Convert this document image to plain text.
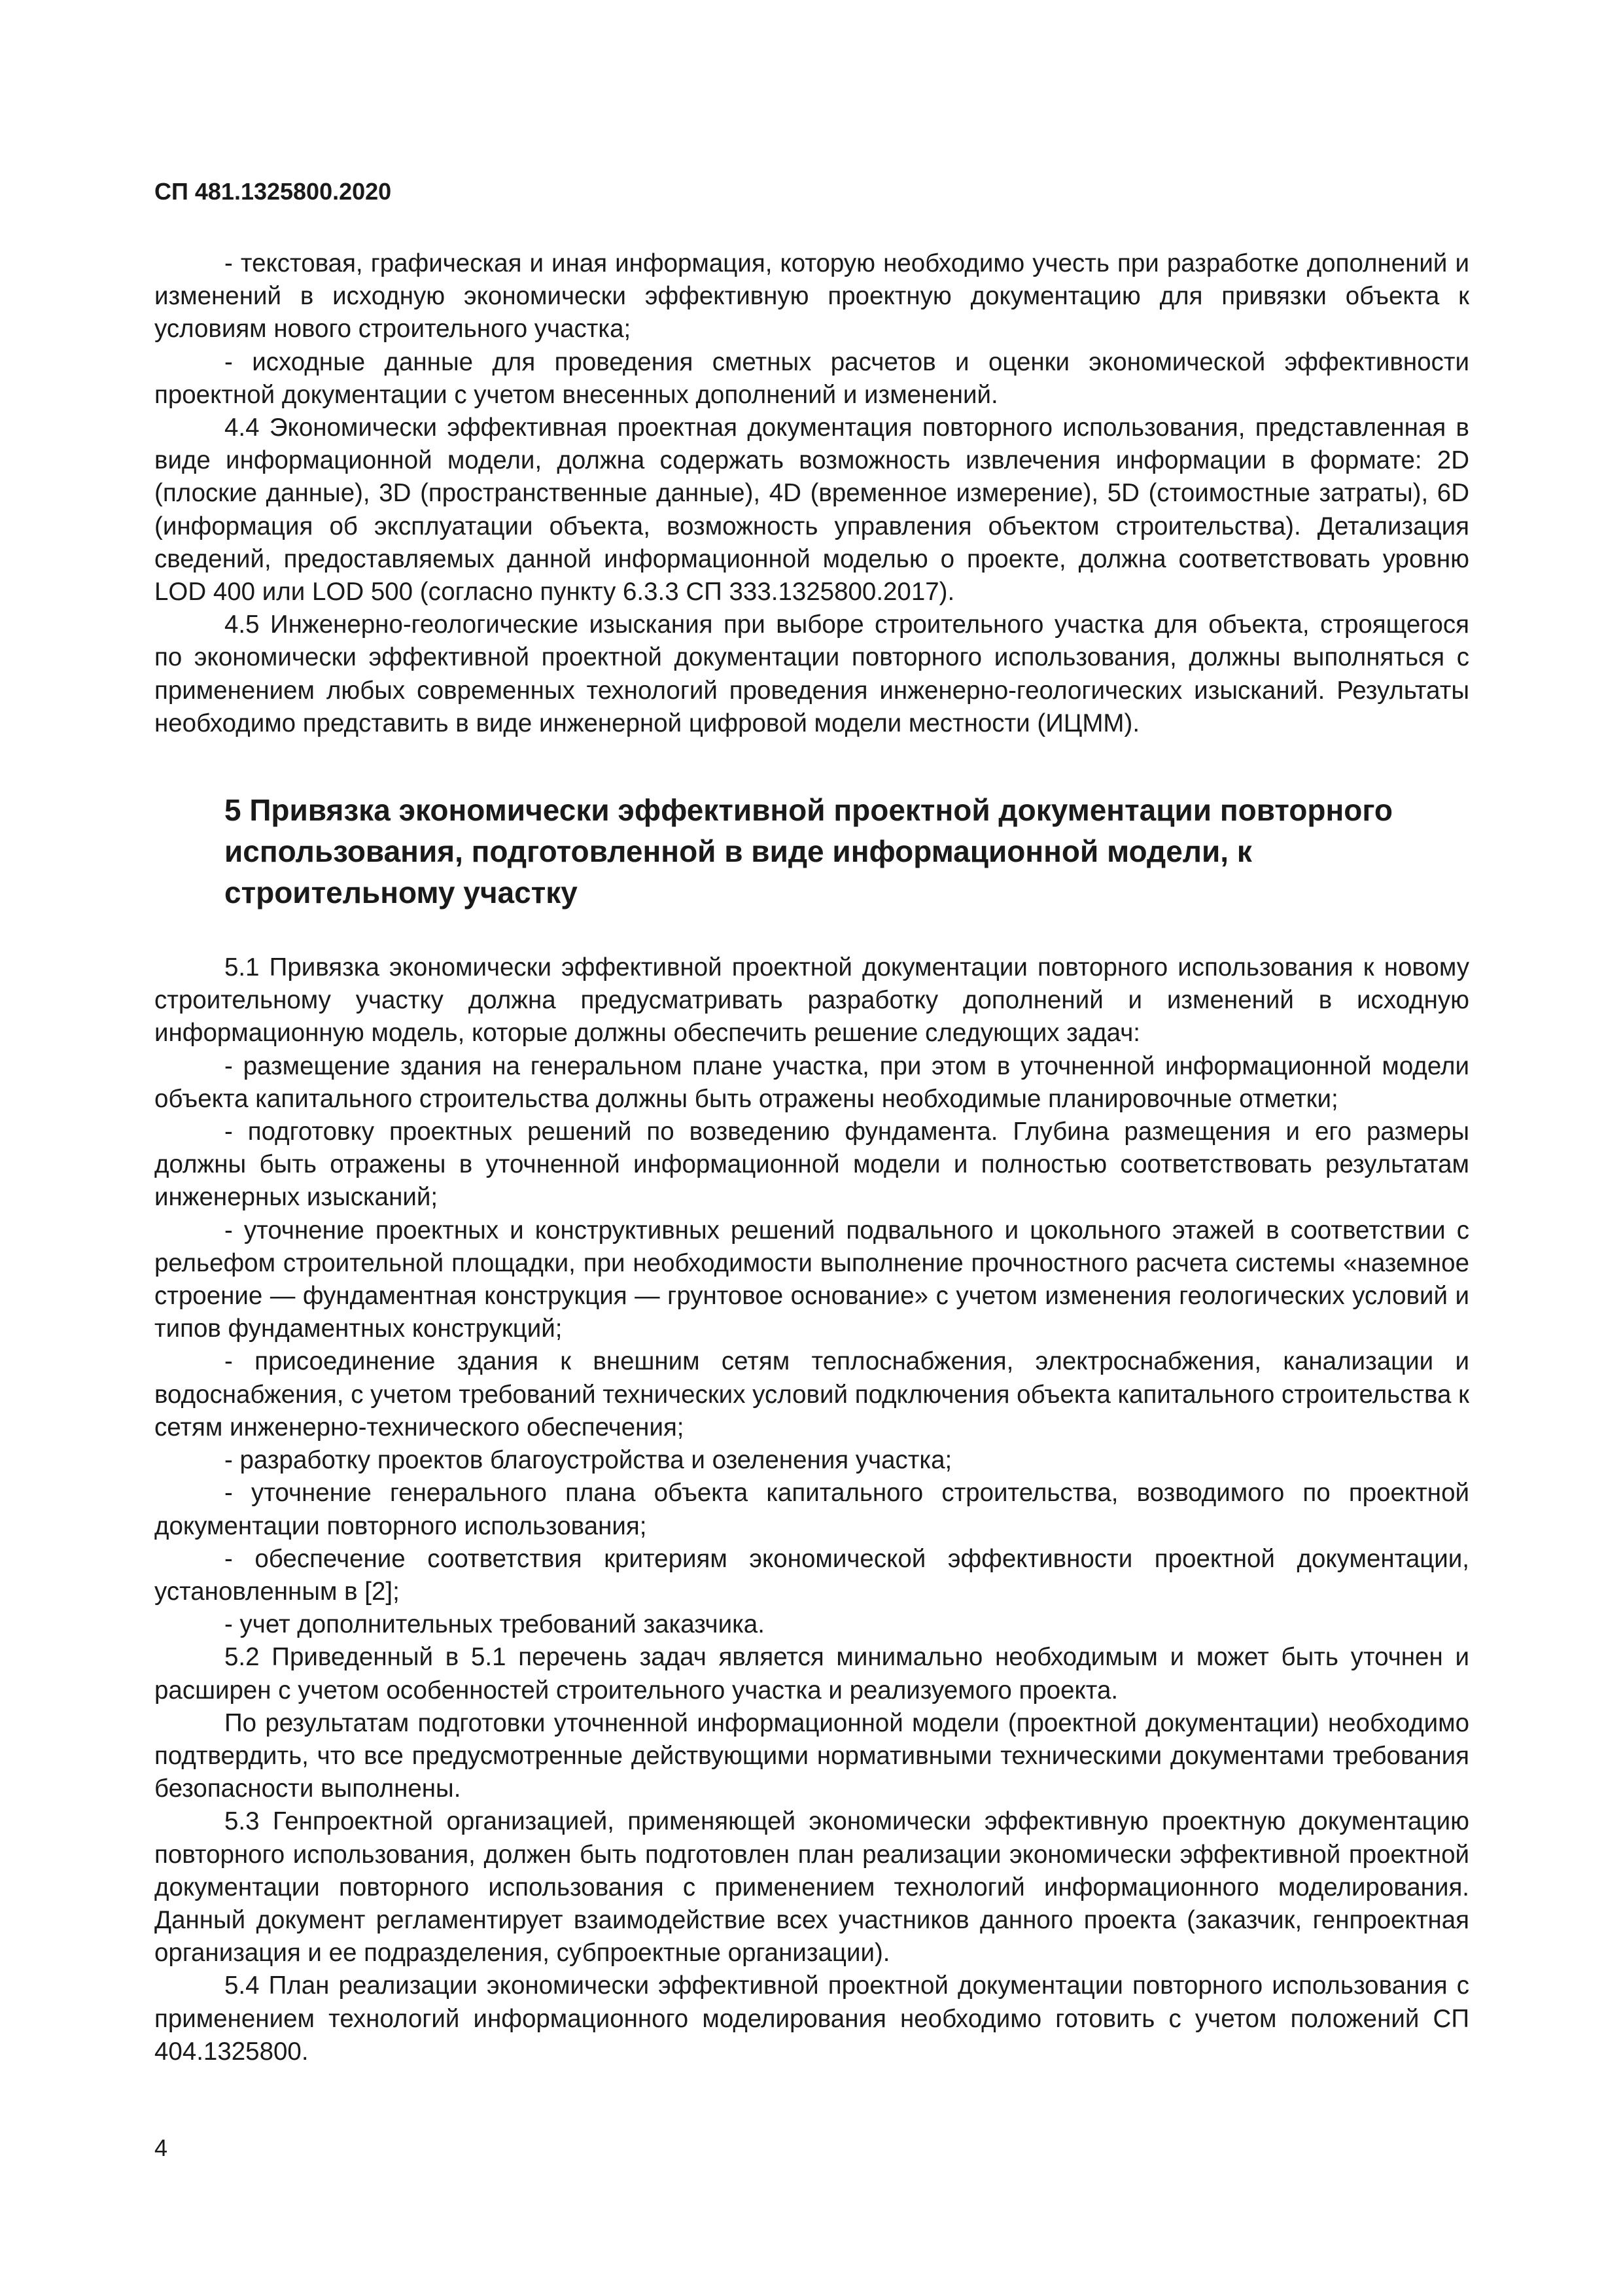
СП 481.1325800.2020

- текстовая, графическая и иная информация, которую необходимо учесть при разработке дополнений и изменений в исходную экономически эффективную проектную документацию для привязки объекта к условиям нового строительного участка;

- исходные данные для проведения сметных расчетов и оценки экономической эффективности проектной документации с учетом внесенных дополнений и изменений.

4.4 Экономически эффективная проектная документация повторного использования, представленная в виде информационной модели, должна содержать возможность извлечения информации в формате: 2D (плоские данные), 3D (пространственные данные), 4D (временное измерение), 5D (стоимостные затраты), 6D (информация об эксплуатации объекта, возможность управления объектом строительства). Детализация сведений, предоставляемых данной информационной моделью о проекте, должна соответствовать уровню LOD 400 или LOD 500 (согласно пункту 6.3.3 СП 333.1325800.2017).

4.5 Инженерно-геологические изыскания при выборе строительного участка для объекта, строящегося по экономически эффективной проектной документации повторного использования, должны выполняться с применением любых современных технологий проведения инженерно-геологических изысканий. Результаты необходимо представить в виде инженерной цифровой модели местности (ИЦММ).

5 Привязка экономически эффективной проектной документации повторного использования, подготовленной в виде информационной модели, к строительному участку

5.1 Привязка экономически эффективной проектной документации повторного использования к новому строительному участку должна предусматривать разработку дополнений и изменений в исходную информационную модель, которые должны обеспечить решение следующих задач:

- размещение здания на генеральном плане участка, при этом в уточненной информационной модели объекта капитального строительства должны быть отражены необходимые планировочные отметки;

- подготовку проектных решений по возведению фундамента. Глубина размещения и его размеры должны быть отражены в уточненной информационной модели и полностью соответствовать результатам инженерных изысканий;

- уточнение проектных и конструктивных решений подвального и цокольного этажей в соответствии с рельефом строительной площадки, при необходимости выполнение прочностного расчета системы «наземное строение — фундаментная конструкция — грунтовое основание» с учетом изменения геологических условий и типов фундаментных конструкций;

- присоединение здания к внешним сетям теплоснабжения, электроснабжения, канализации и водоснабжения, с учетом требований технических условий подключения объекта капитального строительства к сетям инженерно-технического обеспечения;

- разработку проектов благоустройства и озеленения участка;

- уточнение генерального плана объекта капитального строительства, возводимого по проектной документации повторного использования;

- обеспечение соответствия критериям экономической эффективности проектной документации, установленным в [2];

- учет дополнительных требований заказчика.

5.2 Приведенный в 5.1 перечень задач является минимально необходимым и может быть уточнен и расширен с учетом особенностей строительного участка и реализуемого проекта.

По результатам подготовки уточненной информационной модели (проектной документации) необходимо подтвердить, что все предусмотренные действующими нормативными техническими документами требования безопасности выполнены.

5.3 Генпроектной организацией, применяющей экономически эффективную проектную документацию повторного использования, должен быть подготовлен план реализации экономически эффективной проектной документации повторного использования с применением технологий информационного моделирования. Данный документ регламентирует взаимодействие всех участников данного проекта (заказчик, генпроектная организация и ее подразделения, субпроектные организации).

5.4 План реализации экономически эффективной проектной документации повторного использования с применением технологий информационного моделирования необходимо готовить с учетом положений СП 404.1325800.

4
